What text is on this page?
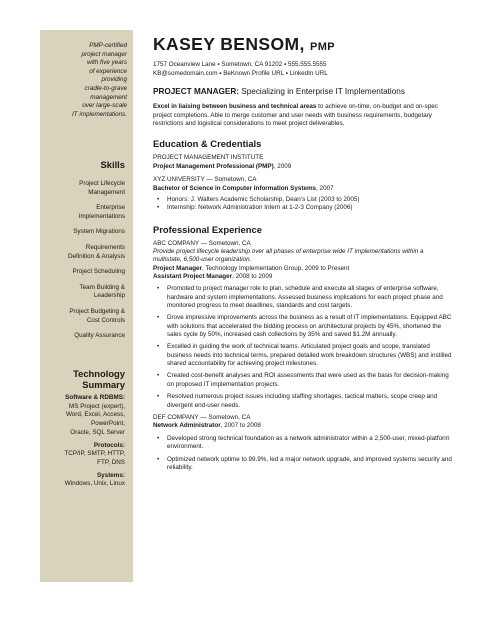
PMP-certified
project manager
with five years
of experience
providing
cradle-to-grave
management
over large-scale
IT implementations.
Skills
Project Lifecycle
Management
Enterprise
Implementations
System Migrations
Requirements
Definition & Analysis
Project Scheduling
Team Building &
Leadership
Project Budgeting &
Cost Controls
Quality Assurance
Technology
Summary
Software & RDBMS:
MS Project (expert),
Word, Excel, Access,
PowerPoint,
Oracle, SQL Server
Protocols:
TCP/IP, SMTP, HTTP,
FTP, DNS
Systems:
Windows, Unix, Linux
KASEY BENSOM, PMP
1757 Oceanview Lane ▪ Sometown, CA 91202 ▪ 555.555.5555
KB@somedomain.com ▪ BeKnown Profile URL ▪ LinkedIn URL
PROJECT MANAGER: Specializing in Enterprise IT Implementations
Excel in liaising between business and technical areas to achieve on-time, on-budget and on-spec project completions. Able to merge customer and user needs with business requirements, budgetary restrictions and logistical considerations to meet project deliverables.
Education & Credentials
PROJECT MANAGEMENT INSTITUTE
Project Management Professional (PMP), 2009
XYZ UNIVERSITY — Sometown, CA
Bachelor of Science in Computer Information Systems, 2007
• Honors: J. Walters Academic Scholarship, Dean’s List (2003 to 2005)
• Internship: Network Administration Intern at 1-2-3 Company (2006)
Professional Experience
ABC COMPANY — Sometown, CA
Provide project lifecycle leadership over all phases of enterprise wide IT implementations within a multistate, 6,500-user organization.
Project Manager, Technology Implementation Group, 2009 to Present
Assistant Project Manager, 2008 to 2009
• Promoted to project manager role to plan, schedule and execute all stages of enterprise software, hardware and system implementations. Assessed business implications for each project phase and monitored progress to meet deadlines, standards and cost targets.
• Drove impressive improvements across the business as a result of IT implementations. Equipped ABC with solutions that accelerated the bidding process on architectural projects by 45%, shortened the sales cycle by 50%, increased cash collections by 35% and saved $1.2M annually.
• Excelled in guiding the work of technical teams. Articulated project goals and scope, translated business needs into technical terms, prepared detailed work breakdown structures (WBS) and instilled shared accountability for achieving project milestones.
• Created cost-benefit analyses and ROI assessments that were used as the basis for decision-making on proposed IT implementation projects.
• Resolved numerous project issues including staffing shortages, tactical matters, scope creep and divergent end-user needs.
DEF COMPANY — Sometown, CA
Network Administrator, 2007 to 2008
• Developed strong technical foundation as a network administrator within a 2,500-user, mixed-platform environment.
• Optimized network uptime to 99.9%, led a major network upgrade, and improved systems security and reliability.
